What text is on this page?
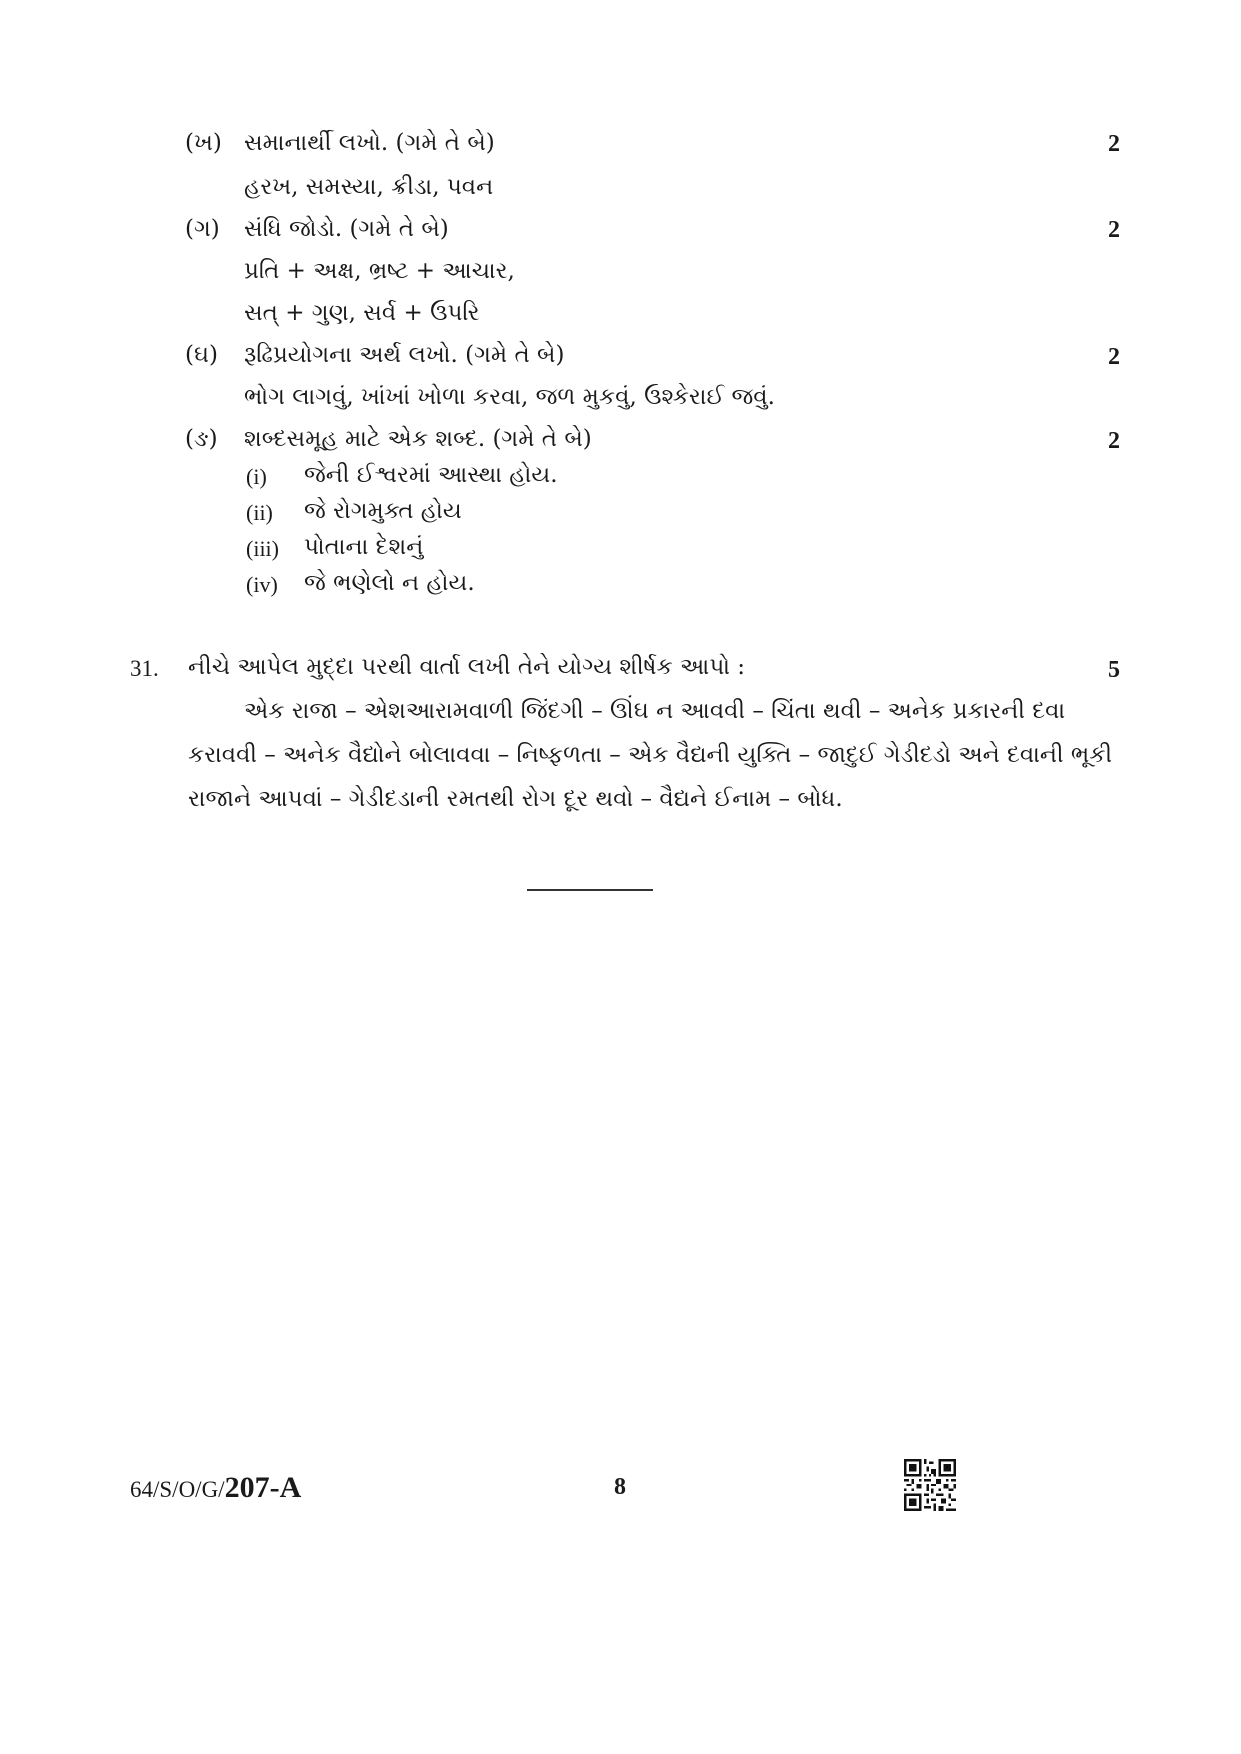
(ખ) સમાનાર્થી લખો. (ગમે તે બે)	2
હરખ, સમસ્યા, ક્રીડા, પવન
(ગ) સંધિ જોડો. (ગમે તે બે)	2
પ્રતિ + અક્ષ, ભ્રષ્ટ + આચાર,
સત્ + ગુણ, સર્વ + ઉપરિ
(ઘ) રૂઢિપ્રયોગના અર્થ લખો. (ગમે તે બે)	2
ભોગ લાગવું, ખાંખાં ખોળા કરવા, જળ મુકવું, ઉશ્કેરાઈ જવું.
(ઙ) શબ્દસમૂહ માટે એક શબ્દ. (ગમે તે બે)	2
(i) જેની ઈશ્વરમાં આસ્થા હોય.
(ii) જે રોગમુક્ત હોય
(iii) પોતાના દેશનું
(iv) જે ભણેલો ન હોય.
31. નીચે આપેલ મુદ્દા પરથી વાર્તા લખી તેને યોગ્ય શીર્ષક આપો :	5
એક રાજા – એશઆરામવાળી જિંદગી – ઊંઘ ન આવવી – ચિંતા થવી – અનેક પ્રકારની દવા
કરાવવી – અનેક વૈદ્યોને બોલાવવા – નિષ્ફળતા – એક વૈદ્યની યુક્તિ – જાદુઈ ગેડીદડો અને દવાની ભૂકી
રાજાને આપવાં – ગેડીદડાની રમતથી રોગ દૂર થવો – વૈદ્યને ઈનામ – બોધ.
64/S/O/G/207-A	8
